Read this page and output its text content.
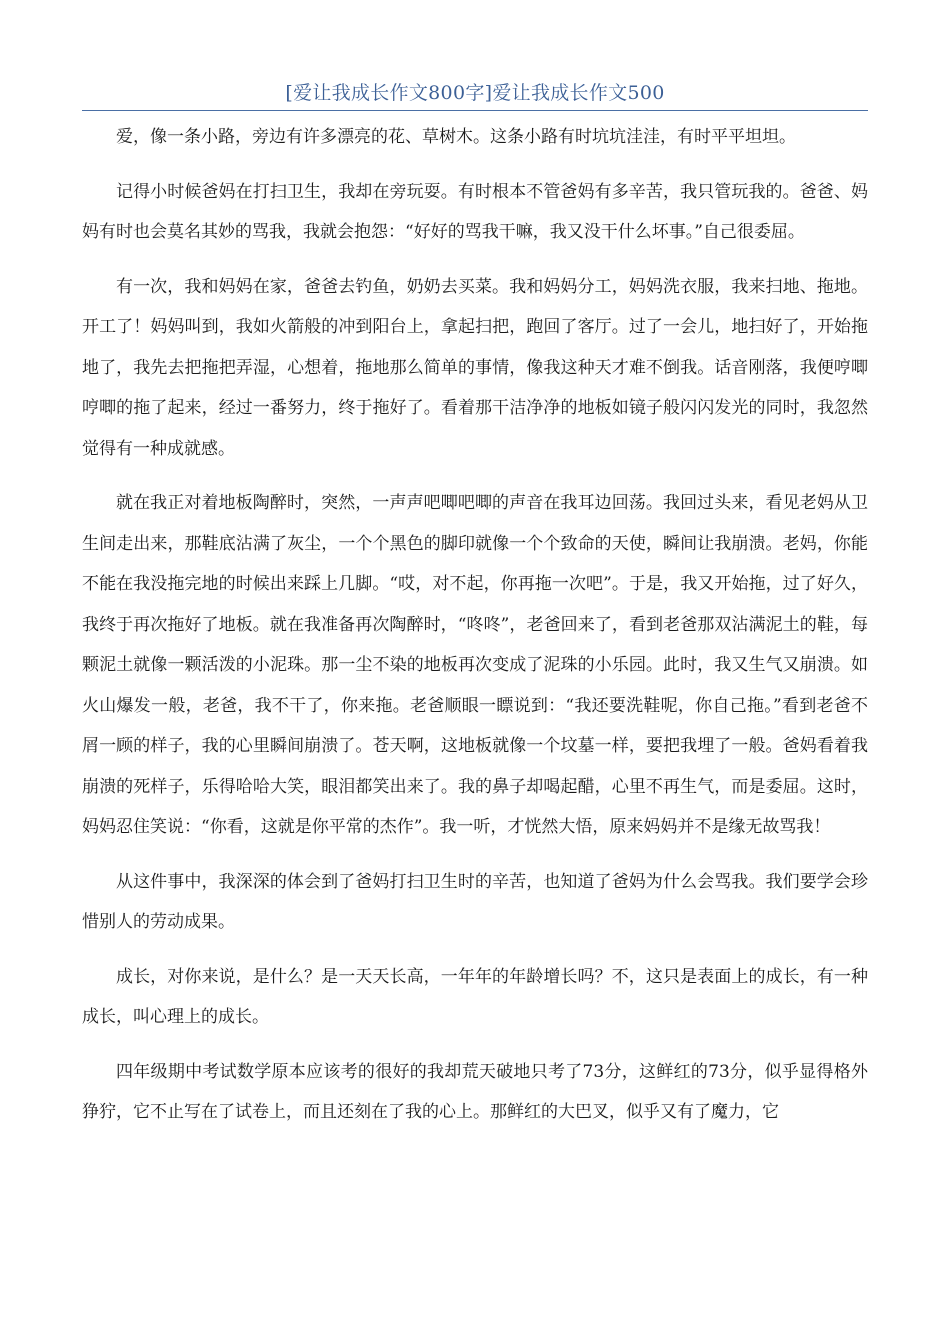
[爱让我成长作文800字]爱让我成长作文500

爱，像一条小路，旁边有许多漂亮的花、草树木。这条小路有时坑坑洼洼，有时平平坦坦。

记得小时候爸妈在打扫卫生，我却在旁玩耍。有时根本不管爸妈有多辛苦，我只管玩我的。爸爸、妈妈有时也会莫名其妙的骂我，我就会抱怨：“好好的骂我干嘛，我又没干什么坏事。”自己很委屈。

有一次，我和妈妈在家，爸爸去钓鱼，奶奶去买菜。我和妈妈分工，妈妈洗衣服，我来扫地、拖地。开工了！妈妈叫到，我如火箭般的冲到阳台上，拿起扫把，跑回了客厅。过了一会儿，地扫好了，开始拖地了，我先去把拖把弄湿，心想着，拖地那么简单的事情，像我这种天才难不倒我。话音刚落，我便哼唧哼唧的拖了起来，经过一番努力，终于拖好了。看着那干洁净净的地板如镜子般闪闪发光的同时，我忽然觉得有一种成就感。

就在我正对着地板陶醉时，突然，一声声吧唧吧唧的声音在我耳边回荡。我回过头来，看见老妈从卫生间走出来，那鞋底沾满了灰尘，一个个黑色的脚印就像一个个致命的天使，瞬间让我崩溃。老妈，你能不能在我没拖完地的时候出来踩上几脚。“哎，对不起，你再拖一次吧”。于是，我又开始拖，过了好久，我终于再次拖好了地板。就在我准备再次陶醉时，“咚咚”，老爸回来了，看到老爸那双沾满泥土的鞋，每颗泥土就像一颗活泼的小泥珠。那一尘不染的地板再次变成了泥珠的小乐园。此时，我又生气又崩溃。如火山爆发一般，老爸，我不干了，你来拖。老爸顺眼一瞟说到：“我还要洗鞋呢，你自己拖。”看到老爸不屑一顾的样子，我的心里瞬间崩溃了。苍天啊，这地板就像一个坟墓一样，要把我埋了一般。爸妈看着我崩溃的死样子，乐得哈哈大笑，眼泪都笑出来了。我的鼻子却喝起醋，心里不再生气，而是委屈。这时，妈妈忍住笑说：“你看，这就是你平常的杰作”。我一听，才恍然大悟，原来妈妈并不是缘无故骂我！

从这件事中，我深深的体会到了爸妈打扫卫生时的辛苦，也知道了爸妈为什么会骂我。我们要学会珍惜别人的劳动成果。

成长，对你来说，是什么？是一天天长高，一年年的年龄增长吗？不，这只是表面上的成长，有一种成长，叫心理上的成长。

四年级期中考试数学原本应该考的很好的我却荒天破地只考了73分，这鲜红的73分，似乎显得格外狰狞，它不止写在了试卷上，而且还刻在了我的心上。那鲜红的大巴叉，似乎又有了魔力，它
